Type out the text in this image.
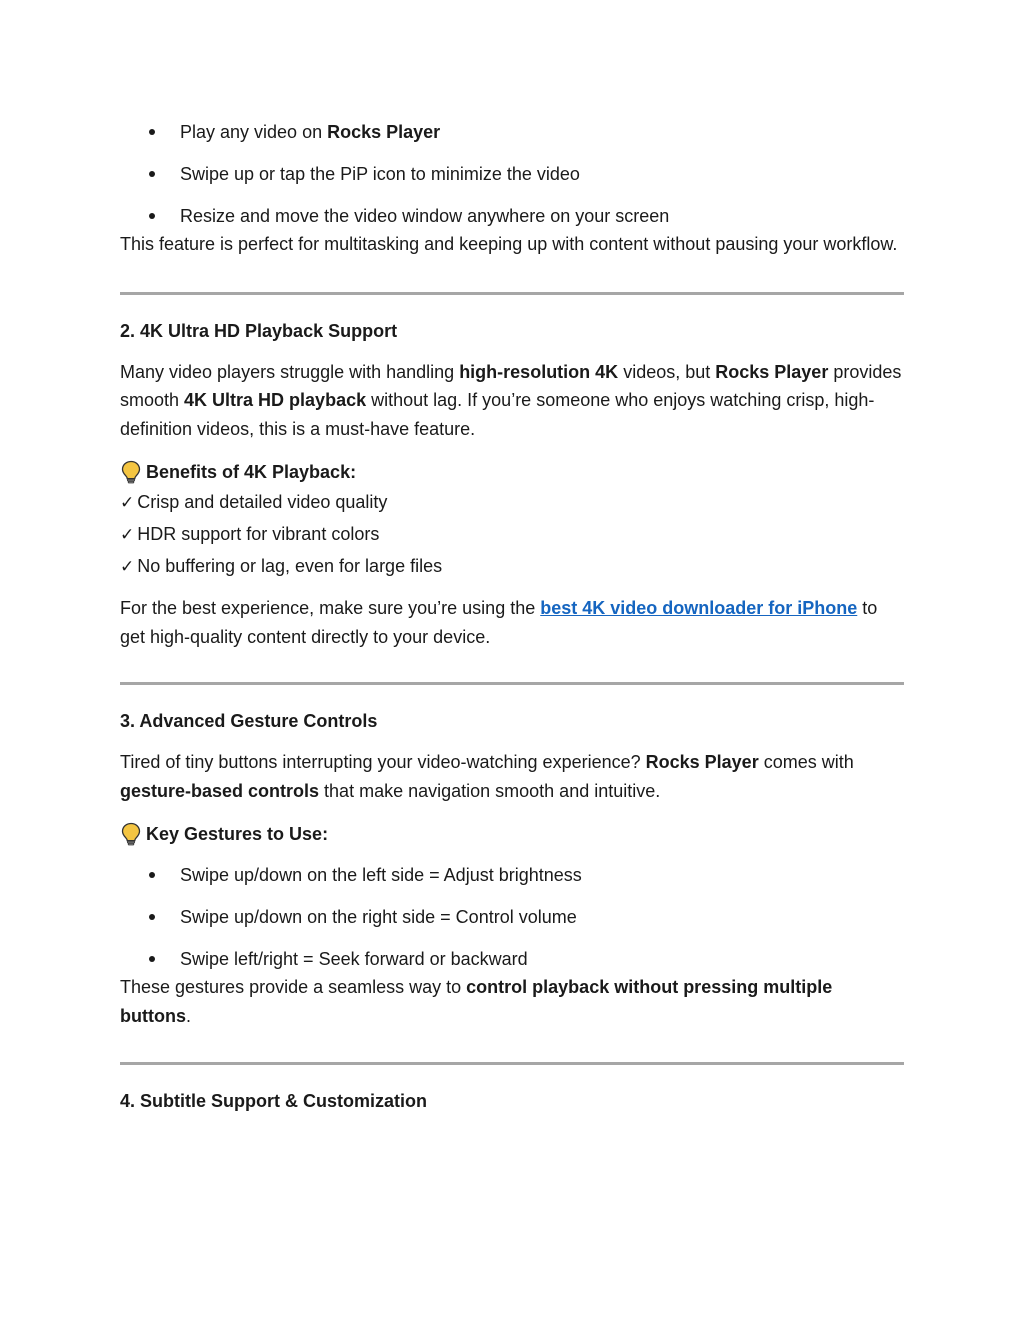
Play any video on Rocks Player
Swipe up or tap the PiP icon to minimize the video
Resize and move the video window anywhere on your screen

This feature is perfect for multitasking and keeping up with content without pausing your workflow.

2. 4K Ultra HD Playback Support

Many video players struggle with handling high-resolution 4K videos, but Rocks Player provides smooth 4K Ultra HD playback without lag. If you’re someone who enjoys watching crisp, high-definition videos, this is a must-have feature.

Benefits of 4K Playback:

✓ Crisp and detailed video quality

✓ HDR support for vibrant colors

✓ No buffering or lag, even for large files

For the best experience, make sure you’re using the best 4K video downloader for iPhone to get high-quality content directly to your device.

3. Advanced Gesture Controls

Tired of tiny buttons interrupting your video-watching experience? Rocks Player comes with gesture-based controls that make navigation smooth and intuitive.

Key Gestures to Use:

Swipe up/down on the left side = Adjust brightness
Swipe up/down on the right side = Control volume
Swipe left/right = Seek forward or backward

These gestures provide a seamless way to control playback without pressing multiple buttons.

4. Subtitle Support & Customization
